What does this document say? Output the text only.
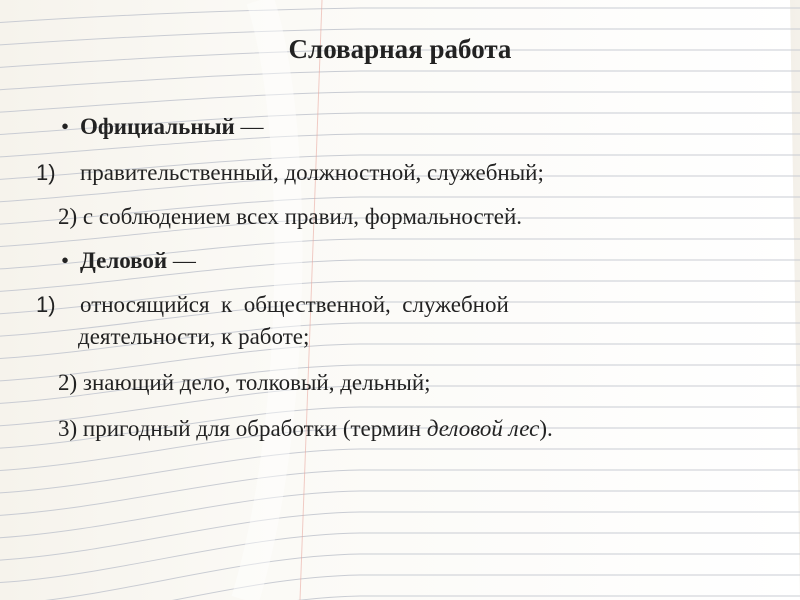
Словарная работа
• Официальный —
1) правительственный, должностной, служебный;
2) с соблюдением всех правил, формальностей.
• Деловой —
1) относящийся  к  общественной,  служебной
деятельности, к работе;
2) знающий дело, толковый, дельный;
3) пригодный для обработки (термин деловой лес).
